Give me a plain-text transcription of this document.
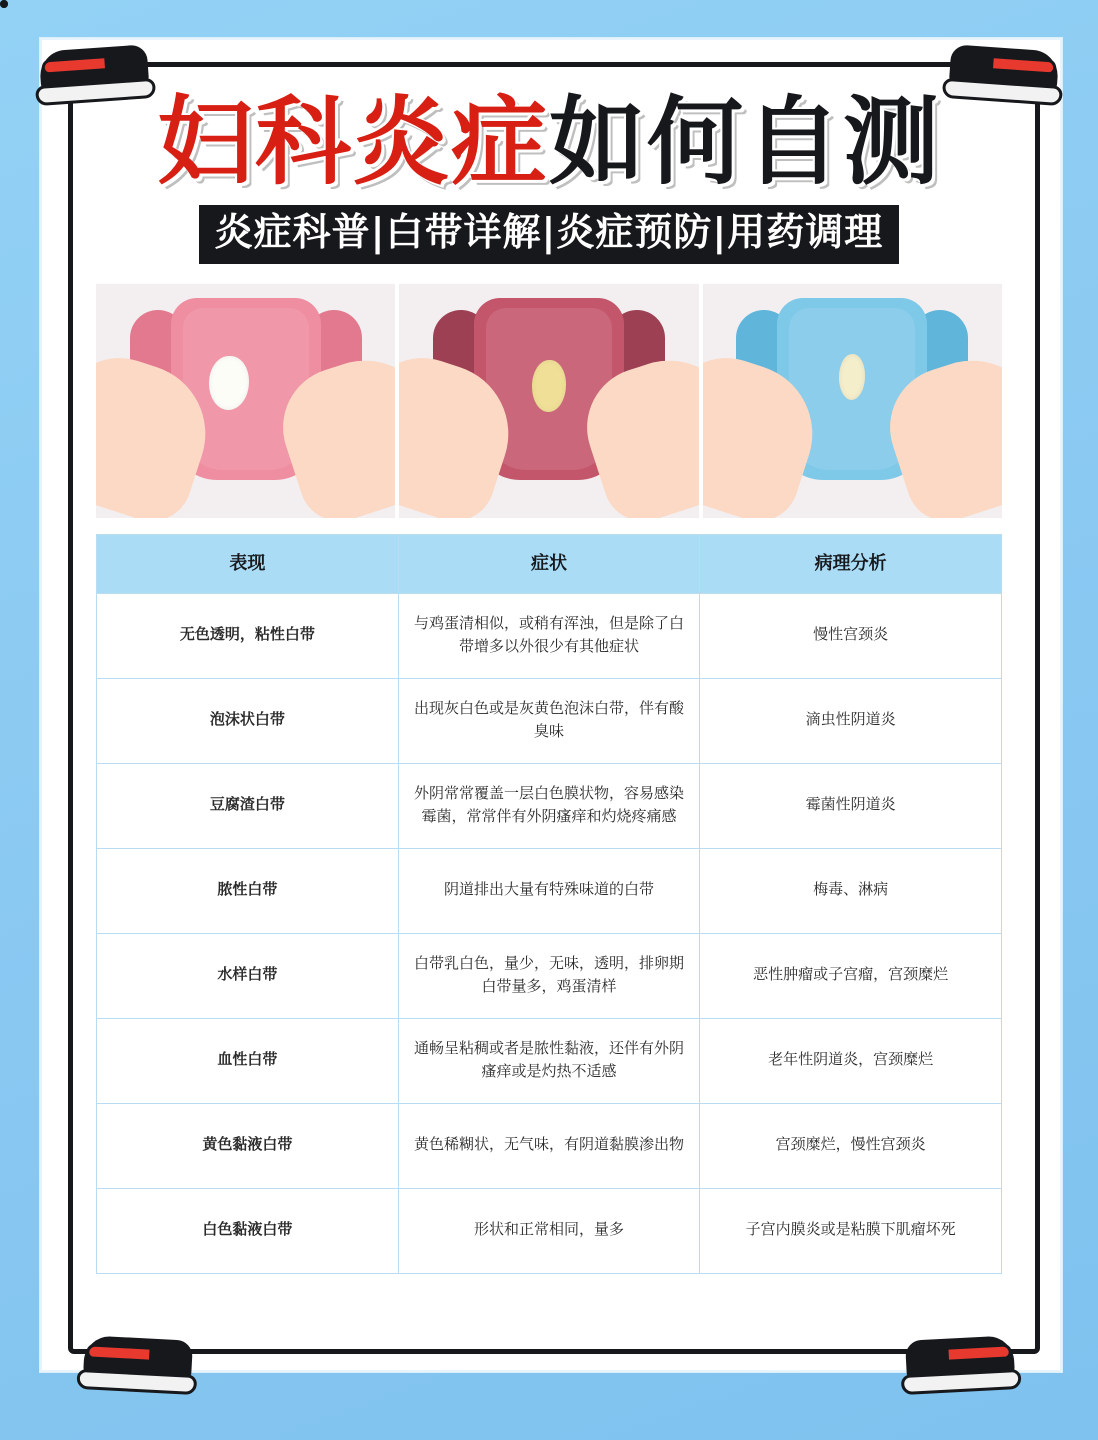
妇科炎症如何自测
炎症科普|白带详解|炎症预防|用药调理
表现	症状	病理分析
无色透明，粘性白带	与鸡蛋清相似，或稍有浑浊，但是除了白带增多以外很少有其他症状	慢性宫颈炎
泡沫状白带	出现灰白色或是灰黄色泡沫白带，伴有酸臭味	滴虫性阴道炎
豆腐渣白带	外阴常常覆盖一层白色膜状物，容易感染霉菌，常常伴有外阴瘙痒和灼烧疼痛感	霉菌性阴道炎
脓性白带	阴道排出大量有特殊味道的白带	梅毒、淋病
水样白带	白带乳白色，量少，无味，透明，排卵期白带量多，鸡蛋清样	恶性肿瘤或子宫瘤，宫颈糜烂
血性白带	通畅呈粘稠或者是脓性黏液，还伴有外阴瘙痒或是灼热不适感	老年性阴道炎，宫颈糜烂
黄色黏液白带	黄色稀糊状，无气味，有阴道黏膜渗出物	宫颈糜烂，慢性宫颈炎
白色黏液白带	形状和正常相同，量多	子宫内膜炎或是粘膜下肌瘤坏死
